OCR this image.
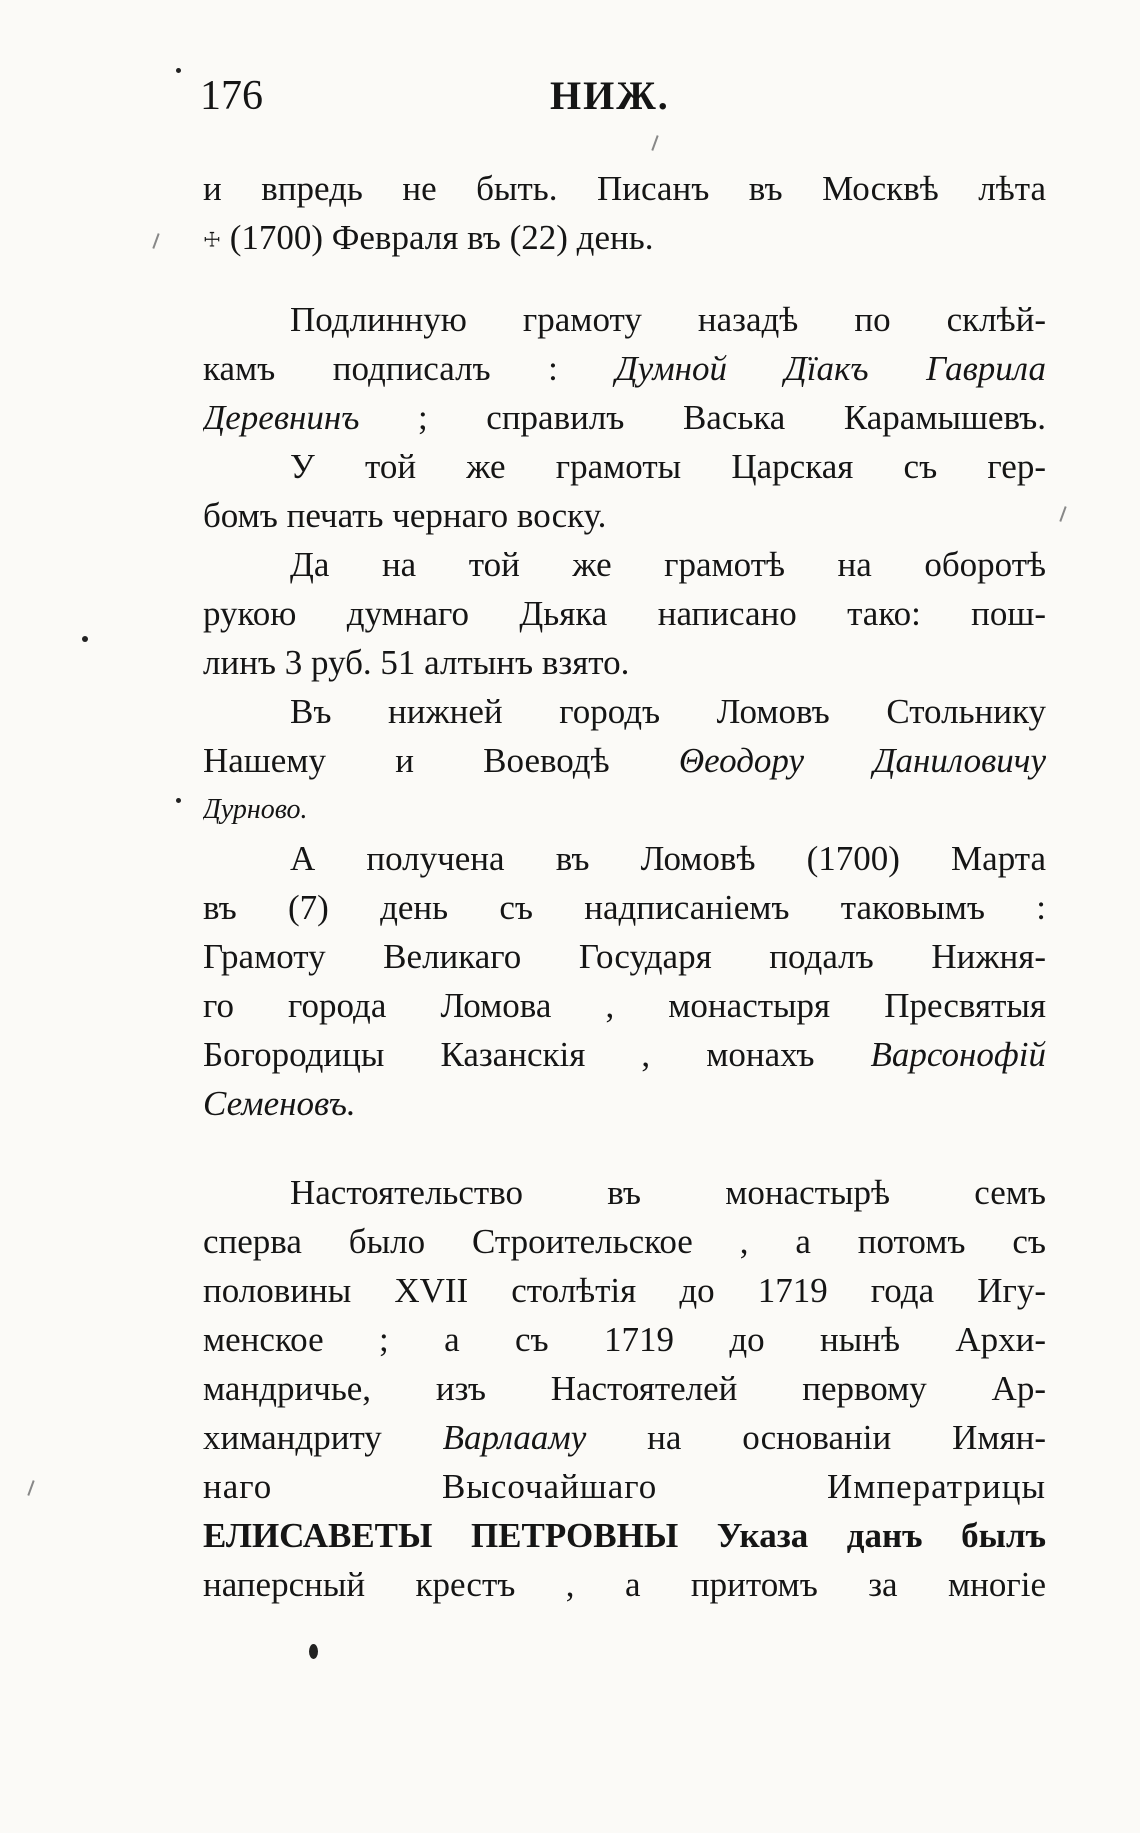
176	НИЖ.
и впредь не быть. Писанъ въ Москвѣ лѣта
☩ (1700) Февраля въ (22) день.
Подлинную грамоту назадѣ по склѣй-
камъ подписалъ : Думной Дїакъ Гаврила
Деревнинъ ; справилъ Васька Карамышевъ.
У той же грамоты Царская съ гер-
бомъ печать чернаго воску.
Да на той же грамотѣ на оборотѣ
рукою думнаго Дьяка написано тако: пош-
линъ 3 руб. 51 алтынъ взято.
Въ нижней городъ Ломовъ Стольнику
Нашему и Воеводѣ Θеодору Даниловичу
Дурново.
А получена въ Ломовѣ (1700) Марта
въ (7) день съ надписанiемъ таковымъ :
Грамоту Великаго Государя подалъ Нижня-
го города Ломова , монастыря Пресвятыя
Богородицы Казанскiя , монахъ Варсонофiй
Семеновъ.
Настоятельство въ монастырѣ семъ
сперва было Строительское , а потомъ съ
половины XVII столѣтiя до 1719 года Игу-
менское ; а съ 1719 до нынѣ Архи-
мандричье, изъ Настоятелей первому Ар-
химандриту Варлааму на основанiи Имян-
наго Высочайшаго Императрицы
ЕЛИСАВЕТЫ ПЕТРОВНЫ Указа данъ былъ
наперсный крестъ , а притомъ за многiе
